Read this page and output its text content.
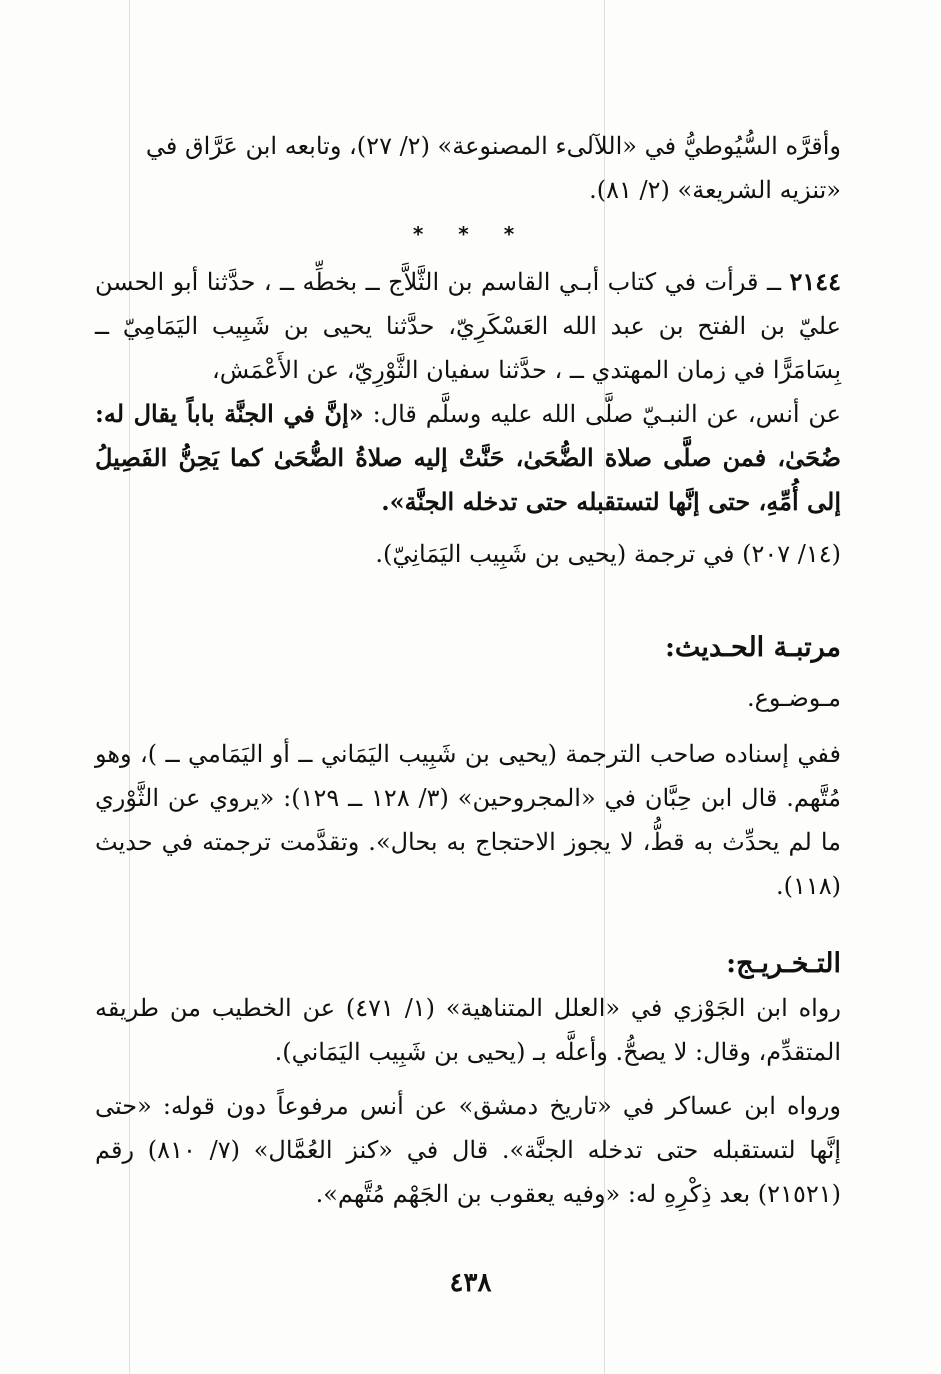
وأقرَّه السُّيُوطيُّ في «اللآلىء المصنوعة» (٢/ ٢٧)، وتابعه ابن عَرَّاق في

«تنزيه الشريعة» (٢/ ٨١).

* * *

٢١٤٤ ــ قرأت في كتاب أبـي القاسم بن الثَّلاَّج ــ بخطِّه ــ ، حدَّثنا أبو الحسن عليّ بن الفتح بن عبد الله العَسْكَرِيّ، حدَّثنا يحيى بن شَبِيب اليَمَامِيّ ــ بِسَامَرًّا في زمان المهتدي ــ ، حدَّثنا سفيان الثَّوْرِيّ، عن الأَعْمَش،

عن أنس، عن النبـيّ صلَّى الله عليه وسلَّم قال: «إنَّ في الجنَّة باباً يقال له: ضُحَىٰ، فمن صلَّى صلاة الضُّحَىٰ، حَنَّتْ إليه صلاةُ الضُّحَىٰ كما يَحِنُّ الفَصِيلُ إلى أُمِّهِ، حتى إنَّها لتستقبله حتى تدخله الجنَّة».

(١٤/ ٢٠٧) في ترجمة (يحيى بن شَبِيب اليَمَانِيّ).

مرتبـة الحـديث:

مـوضـوع.

ففي إسناده صاحب الترجمة (يحيى بن شَبِيب اليَمَاني ــ أو اليَمَامي ــ )، وهو مُتَّهم. قال ابن حِبَّان في «المجروحين» (٣/ ١٢٨ ــ ١٢٩): «يروي عن الثَّوْري ما لم يحدِّث به قطُّ، لا يجوز الاحتجاج به بحال». وتقدَّمت ترجمته في حديث (١١٨).

التـخـريـج:

رواه ابن الجَوْزي في «العلل المتناهية» (١/ ٤٧١) عن الخطيب من طريقه المتقدِّم، وقال: لا يصحُّ. وأعلَّه بـ (يحيى بن شَبِيب اليَمَاني).

ورواه ابن عساكر في «تاريخ دمشق» عن أنس مرفوعاً دون قوله: «حتى إنَّها لتستقبله حتى تدخله الجنَّة». قال في «كنز العُمَّال» (٧/ ٨١٠) رقم (٢١٥٢١) بعد ذِكْرِهِ له: «وفيه يعقوب بن الجَهْم مُتَّهم».

٤٣٨
